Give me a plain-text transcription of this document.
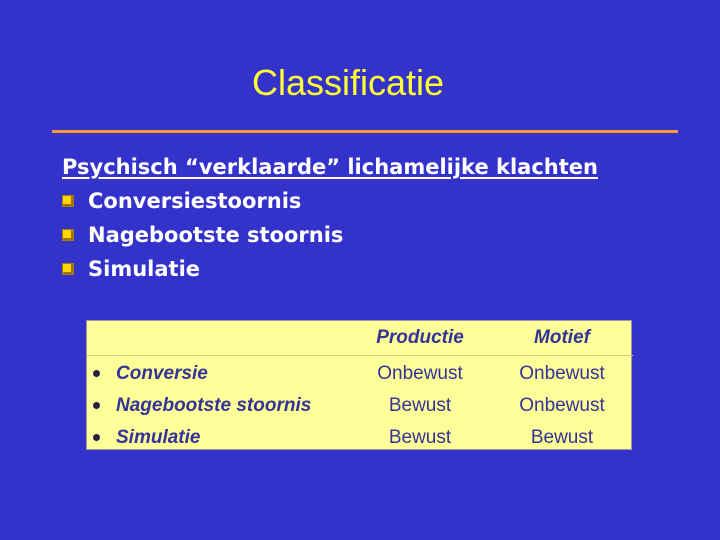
Classificatie
Psychisch “verklaarde” lichamelijke klachten
Conversiestoornis
Nagebootste stoornis
Simulatie
	Productie	Motief
Conversie	Onbewust	Onbewust
Nagebootste stoornis	Bewust	Onbewust
Simulatie	Bewust	Bewust
